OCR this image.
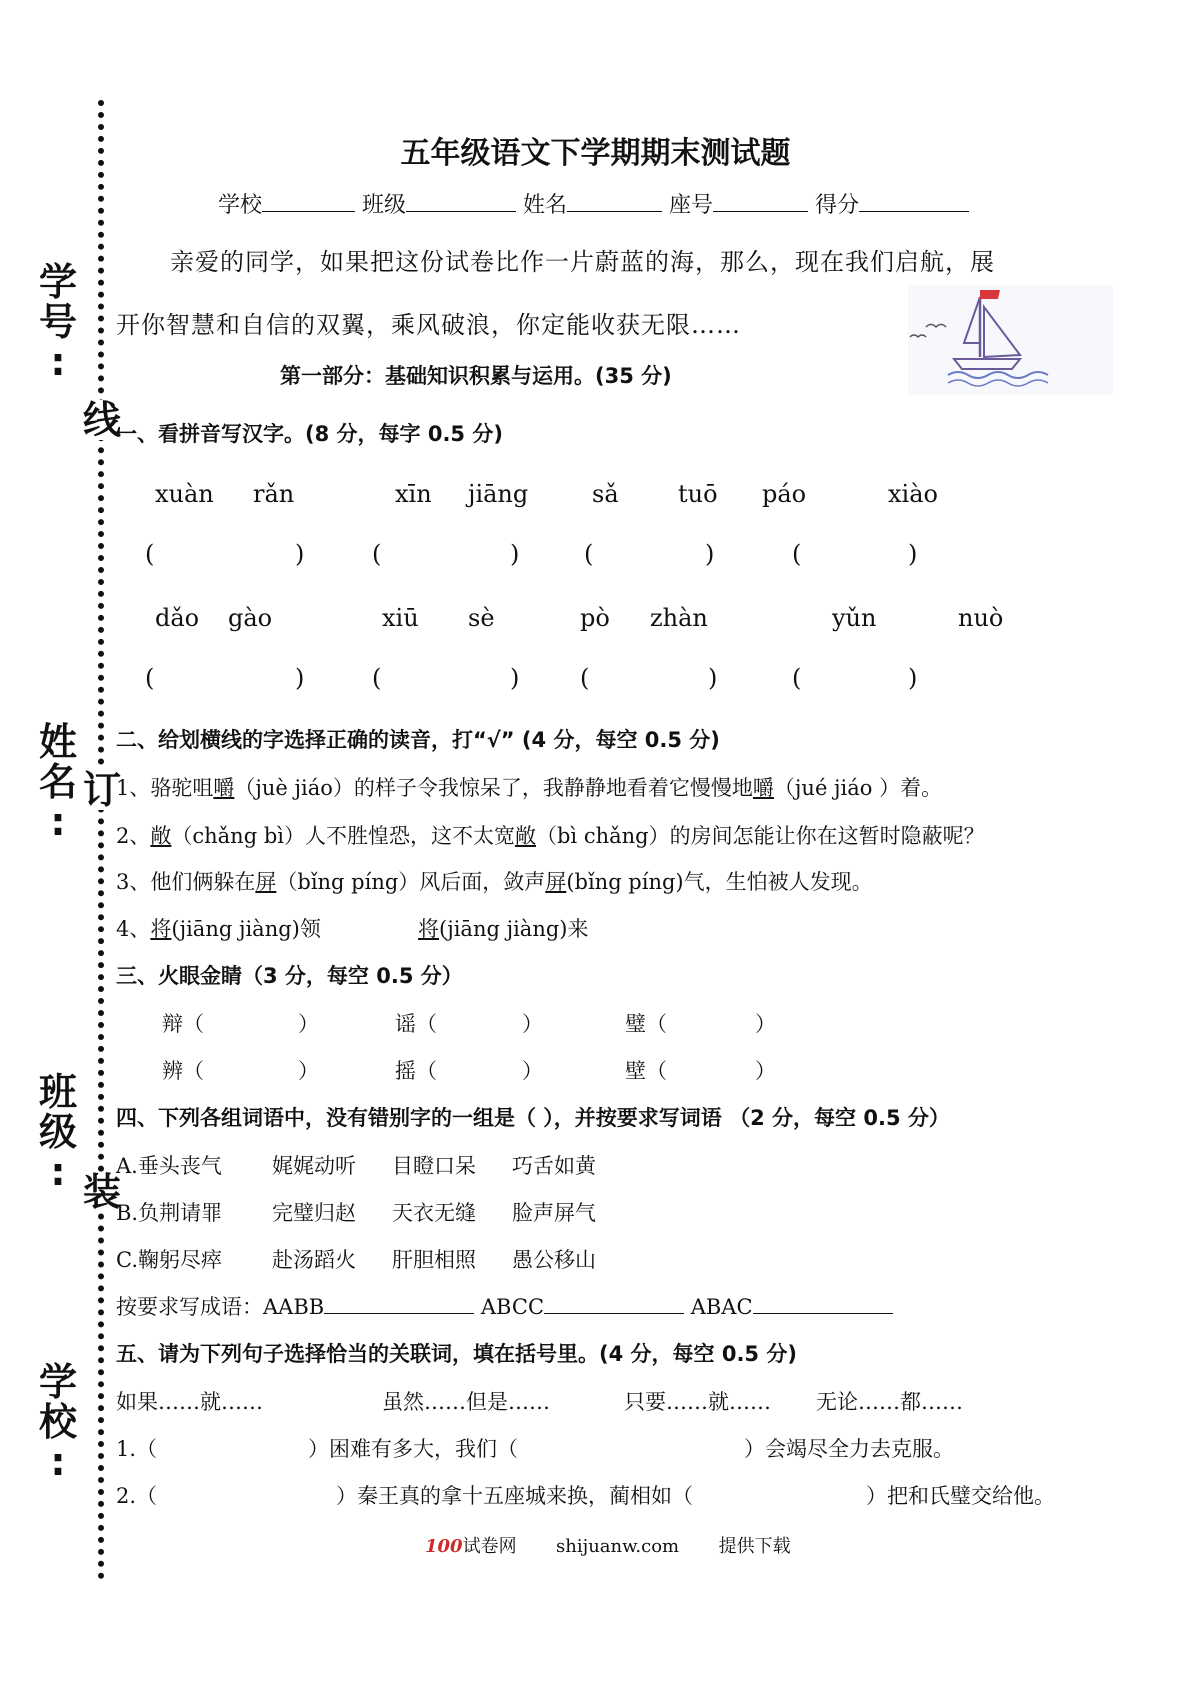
学
号
:
姓
名
:
班
级
:
学
校
:
线
订
装
五年级语文下学期期末测试题
学校	班级	姓名	座号	得分
亲爱的同学，如果把这份试卷比作一片蔚蓝的海，那么，现在我们启航，展
开你智慧和自信的双翼，乘风破浪，你定能收获无限……
第一部分：基础知识积累与运用。(35 分)
一、看拼音写汉字。(8 分，每字 0.5 分)
xuàn rǎn	xīn jiāng	sǎ tuō páo	xiào
(	)	(	)	(	)	(	)
dǎo gào	xiū sè	pò zhàn	yǔn	nuò
(	)	(	)	(	)	(	)
二、给划横线的字选择正确的读音，打“√” (4 分，每空 0.5 分)
1、骆驼咀嚼（juè jiáo）的样子令我惊呆了，我静静地看着它慢慢地嚼（jué jiáo ）着。
2、敞（chǎng bì）人不胜惶恐，这不太宽敞（bì chǎng）的房间怎能让你在这暂时隐蔽呢？
3、他们俩躲在屏（bǐng píng）风后面，敛声屏(bǐng píng)气，生怕被人发现。
4、将(jiāng jiàng)领	将(jiāng jiàng)来
三、火眼金睛（3 分，每空 0.5 分）
辩（	）	谣（	）	璧（	）
辨（	）	摇（	）	壁（	）
四、下列各组词语中，没有错别字的一组是（ ），并按要求写词语 （2 分，每空 0.5 分）
A.垂头丧气 娓娓动听 目瞪口呆 巧舌如黄
B.负荆请罪 完璧归赵 天衣无缝 脸声屏气
C.鞠躬尽瘁 赴汤蹈火 肝胆相照 愚公移山
按要求写成语：AABB	ABCC	ABAC
五、请为下列句子选择恰当的关联词，填在括号里。(4 分，每空 0.5 分)
如果……就……	虽然……但是……	只要……就…… 无论……都……
1.（	）困难有多大，我们（	）会竭尽全力去克服。
2.（	）秦王真的拿十五座城来换，蔺相如（	）把和氏璧交给他。
100试卷网 shijuanw.com 提供下载
